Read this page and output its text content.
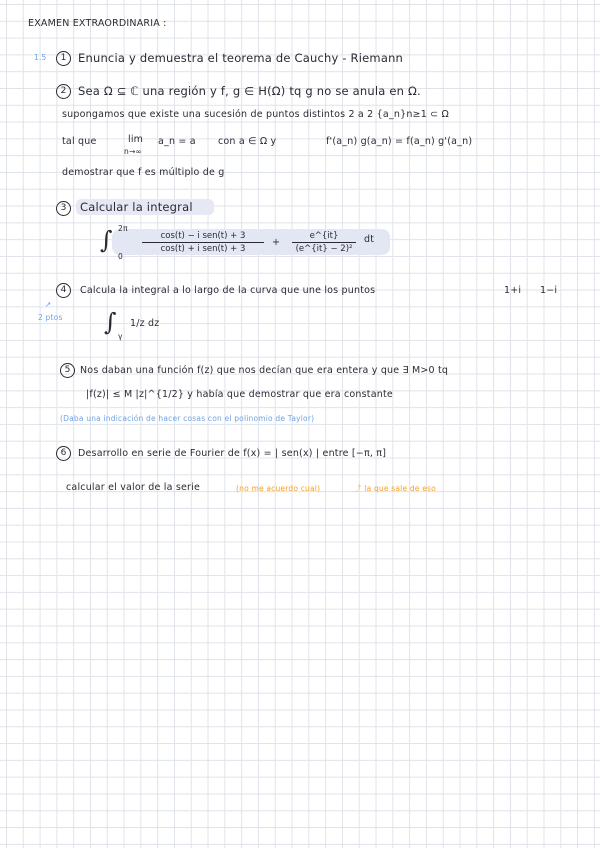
EXAMEN EXTRAORDINARIA :
1.5	1	Enuncia y demuestra el teorema de Cauchy - Riemann
2	Sea Ω ⊆ ℂ una región y f, g ∈ H(Ω) tq g no se anula en Ω.
supongamos que existe una sucesión de puntos distintos 2 a 2 {a_n}n≥1 ⊂ Ω
tal que	lim
n→∞
a_n = a con a ∈ Ω y	f'(a_n) g(a_n) = f(a_n) g'(a_n)
demostrar que f es múltiplo de g
3	Calcular la integral
∫ 2π
0
cos(t) − i sen(t) + 3
cos(t) + i sen(t) + 3
+
e^{it}
(e^{it} − 2)²
dt
4	Calcula la integral a lo largo de la curva que une los puntos	1+i 1−i
↗
2 ptos ∫
γ
1/z dz
5	Nos daban una función f(z) que nos decían que era entera y que ∃ M>0 tq
|f(z)| ≤ M |z|^{1/2} y había que demostrar que era constante
(Daba una indicación de hacer cosas con el polinomio de Taylor)
6	Desarrollo en serie de Fourier de f(x) = | sen(x) | entre [−π, π]
calcular el valor de la serie	(no me acuerdo cual)	⤴ la que sale de eso
